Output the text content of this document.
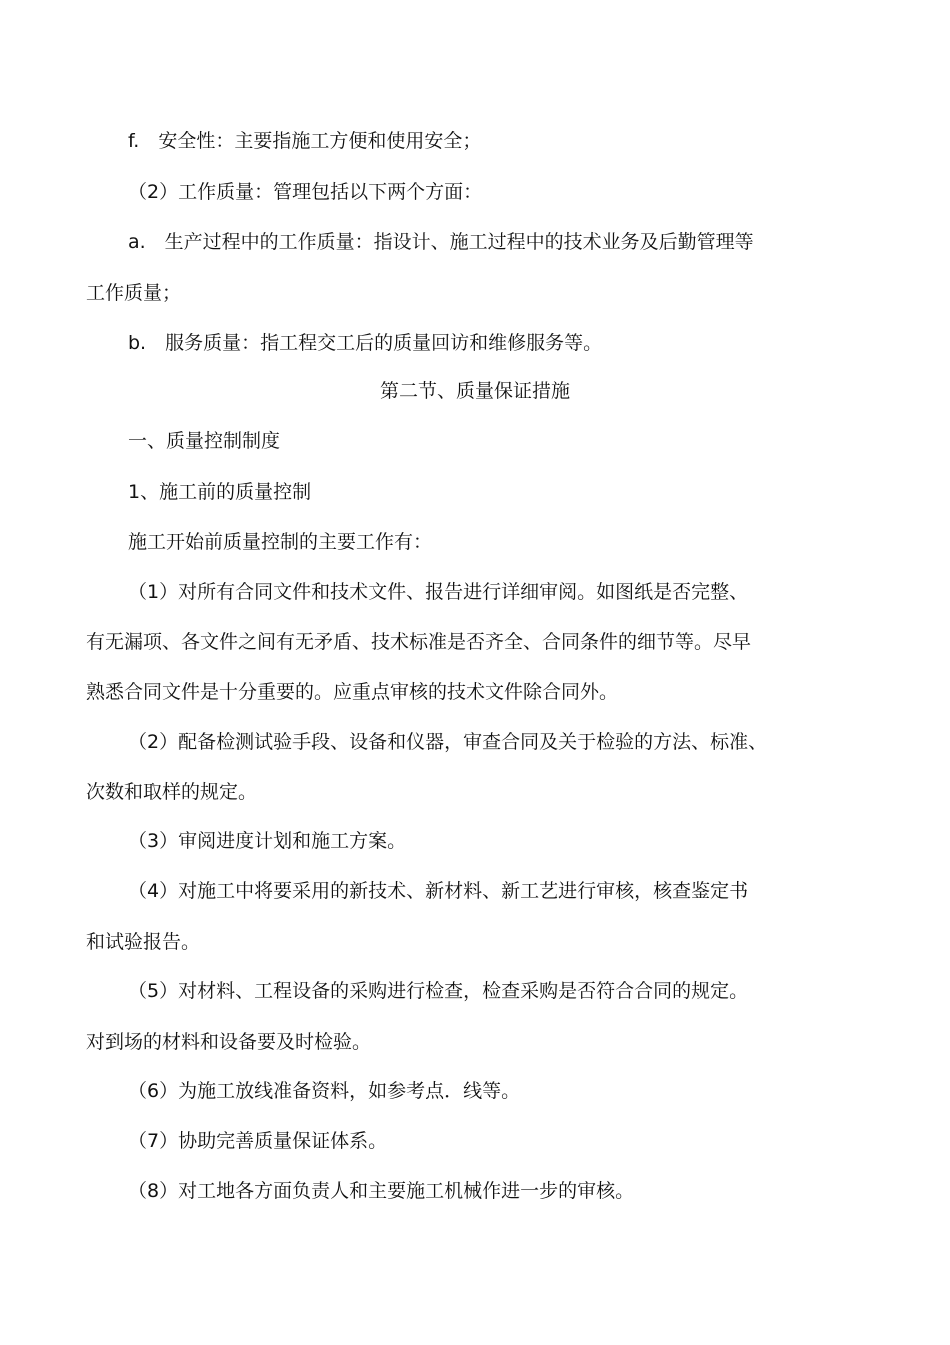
f.　安全性：主要指施工方便和使用安全；

（2）工作质量：管理包括以下两个方面：

a.　生产过程中的工作质量：指设计、施工过程中的技术业务及后勤管理等

工作质量；

b.　服务质量：指工程交工后的质量回访和维修服务等。

第二节、质量保证措施

一、质量控制制度

1、施工前的质量控制

施工开始前质量控制的主要工作有：

（1）对所有合同文件和技术文件、报告进行详细审阅。如图纸是否完整、

有无漏项、各文件之间有无矛盾、技术标准是否齐全、合同条件的细节等。尽早

熟悉合同文件是十分重要的。应重点审核的技术文件除合同外。

（2）配备检测试验手段、设备和仪器，审查合同及关于检验的方法、标准、

次数和取样的规定。

（3）审阅进度计划和施工方案。

（4）对施工中将要采用的新技术、新材料、新工艺进行审核，核查鉴定书

和试验报告。

（5）对材料、工程设备的采购进行检查，检查采购是否符合合同的规定。

对到场的材料和设备要及时检验。

（6）为施工放线准备资料，如参考点．线等。

（7）协助完善质量保证体系。

（8）对工地各方面负责人和主要施工机械作进一步的审核。
